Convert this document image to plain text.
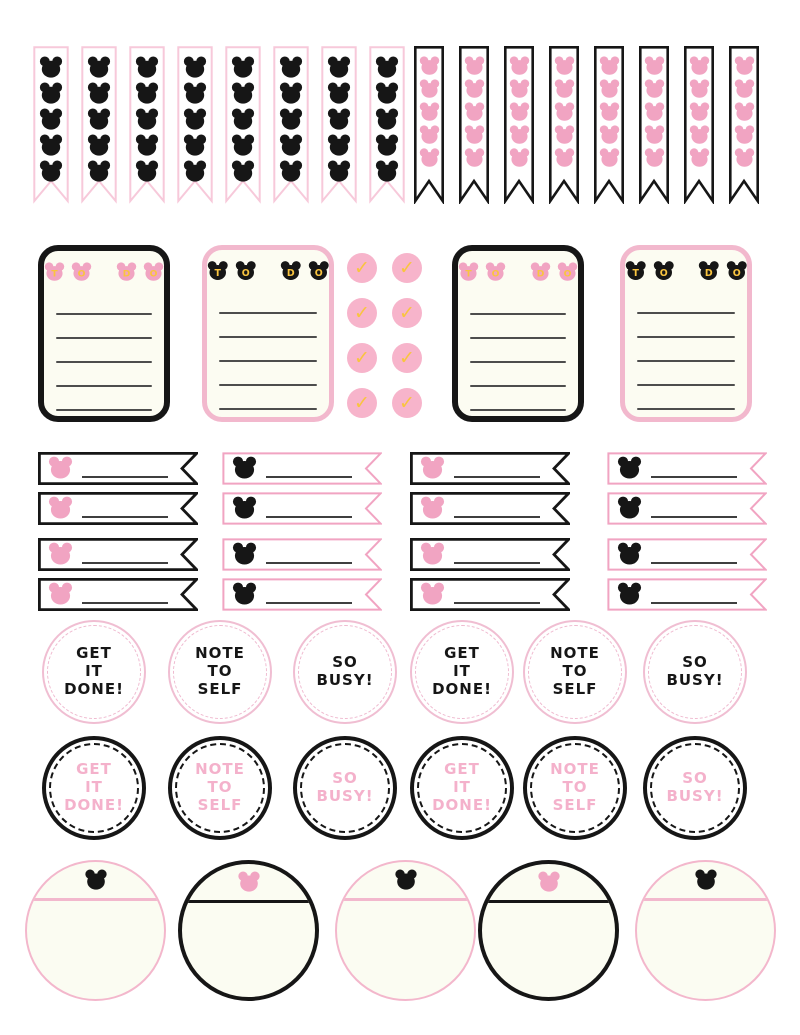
✓ ✓
✓ ✓
✓ ✓
✓ ✓
T O	D O	T O	D O	T O	D O	T O	D O
GET
IT
DONE!
NOTE
TO
SELF
SO
BUSY!
GET
IT
DONE!
NOTE
TO
SELF
SO
BUSY!
GET
IT
DONE!
NOTE
TO
SELF
SO
BUSY!
GET
IT
DONE!
NOTE
TO
SELF
SO
BUSY!
